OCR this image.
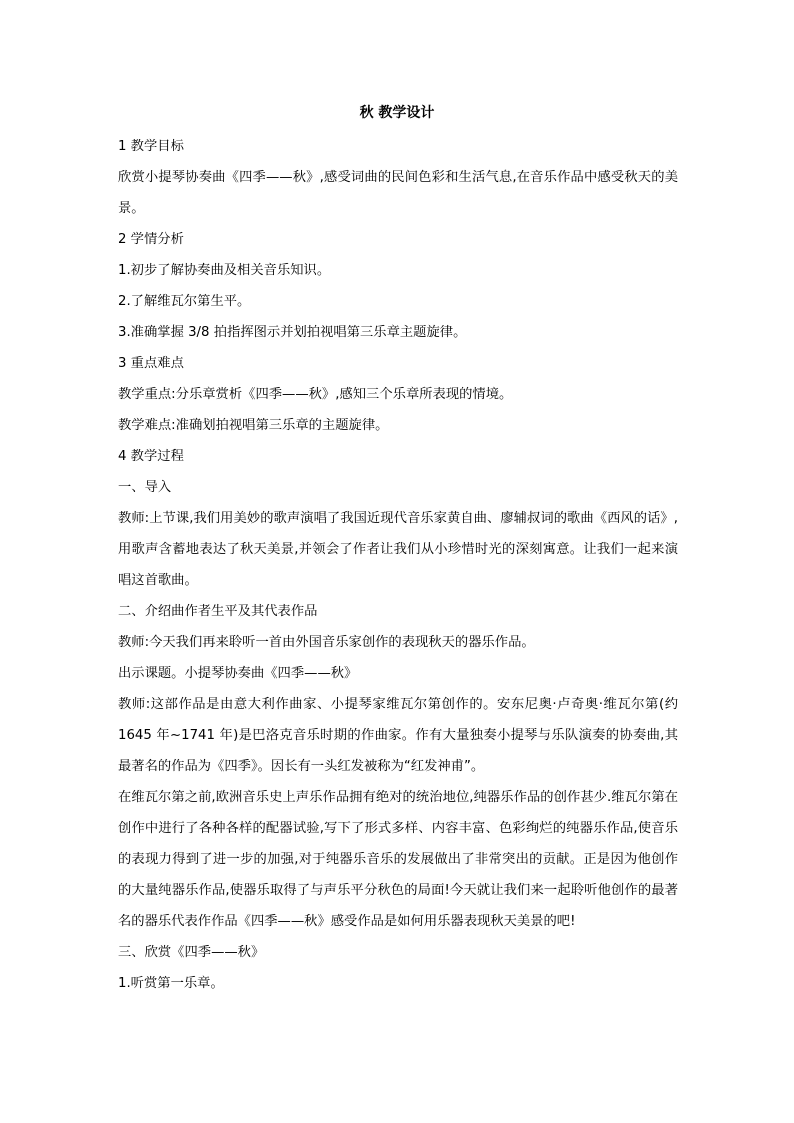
秋 教学设计

1 教学目标

欣赏小提琴协奏曲《四季——秋》,感受词曲的民间色彩和生活气息,在音乐作品中感受秋天的美景。

2 学情分析

1.初步了解协奏曲及相关音乐知识。

2.了解维瓦尔第生平。

3.准确掌握 3/8 拍指挥图示并划拍视唱第三乐章主题旋律。

3 重点难点

教学重点:分乐章赏析《四季——秋》,感知三个乐章所表现的情境。

教学难点:准确划拍视唱第三乐章的主题旋律。

4 教学过程

一、导入

教师:上节课,我们用美妙的歌声演唱了我国近现代音乐家黄自曲、廖辅叔词的歌曲《西风的话》,用歌声含蓄地表达了秋天美景,并领会了作者让我们从小珍惜时光的深刻寓意。让我们一起来演唱这首歌曲。

二、介绍曲作者生平及其代表作品

教师:今天我们再来聆听一首由外国音乐家创作的表现秋天的器乐作品。

出示课题。小提琴协奏曲《四季——秋》

教师:这部作品是由意大利作曲家、小提琴家维瓦尔第创作的。安东尼奥·卢奇奥·维瓦尔第(约 1645 年~1741 年)是巴洛克音乐时期的作曲家。作有大量独奏小提琴与乐队演奏的协奏曲,其最著名的作品为《四季》。因长有一头红发被称为“红发神甫”。

在维瓦尔第之前,欧洲音乐史上声乐作品拥有绝对的统治地位,纯器乐作品的创作甚少.维瓦尔第在创作中进行了各种各样的配器试验,写下了形式多样、内容丰富、色彩绚烂的纯器乐作品,使音乐的表现力得到了进一步的加强,对于纯器乐音乐的发展做出了非常突出的贡献。正是因为他创作的大量纯器乐作品,使器乐取得了与声乐平分秋色的局面!今天就让我们来一起聆听他创作的最著名的器乐代表作作品《四季——秋》感受作品是如何用乐器表现秋天美景的吧!

三、欣赏《四季——秋》

1.听赏第一乐章。
